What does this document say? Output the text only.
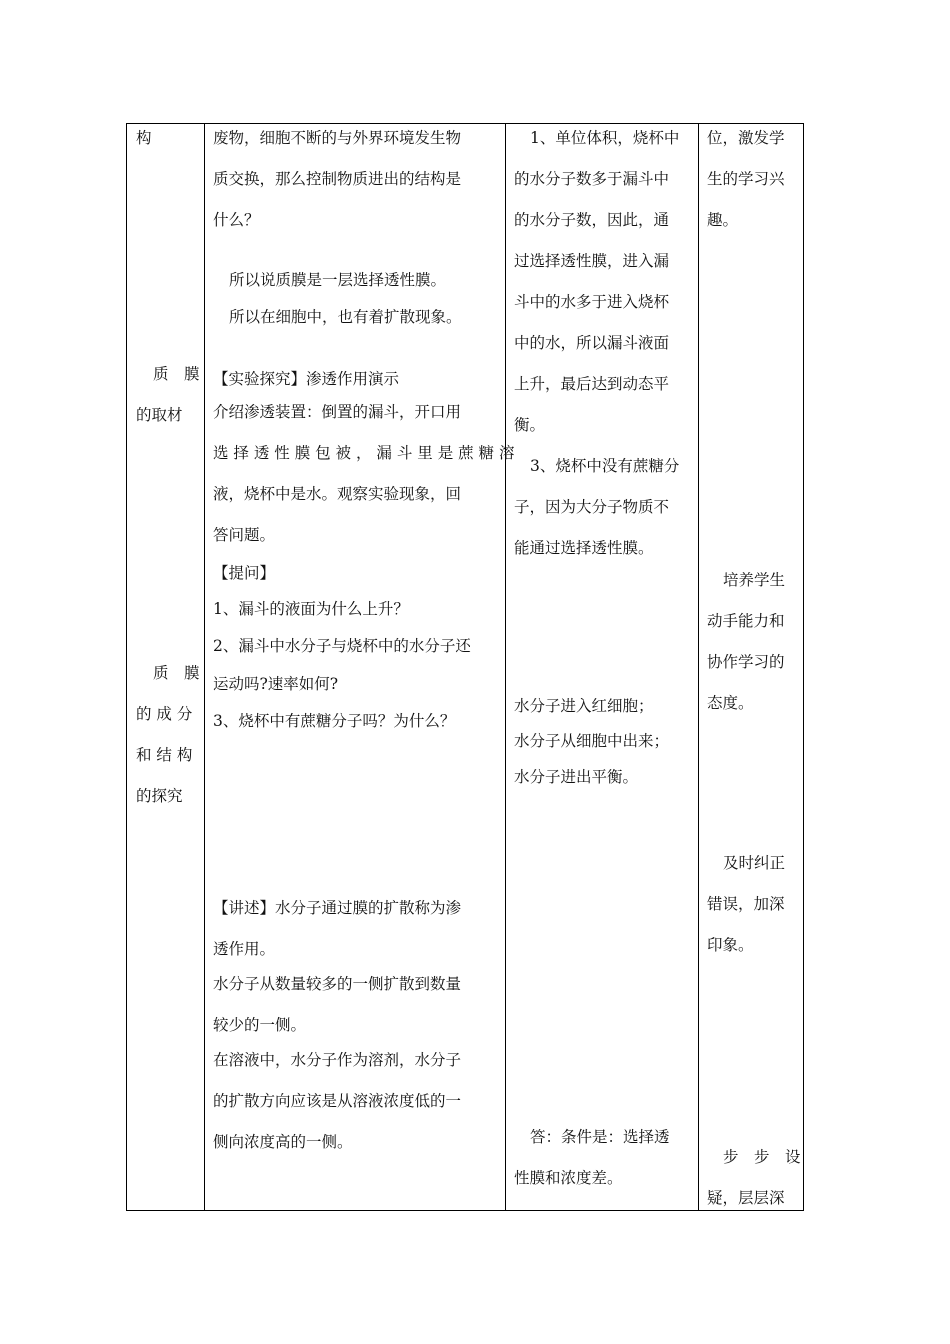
构
质　膜
的取材
质　膜
的 成 分
和 结 构
的探究
废物，细胞不断的与外界环境发生物
质交换，那么控制物质进出的结构是
什么？
所以说质膜是一层选择透性膜。
所以在细胞中，也有着扩散现象。
【实验探究】渗透作用演示
介绍渗透装置：倒置的漏斗，开口用
选 择 透 性 膜 包 被 ， 漏 斗 里 是 蔗 糖 溶
液，烧杯中是水。观察实验现象，回
答问题。
【提问】
1、漏斗的液面为什么上升？
2、漏斗中水分子与烧杯中的水分子还
运动吗?速率如何?
3、烧杯中有蔗糖分子吗？为什么？
【讲述】水分子通过膜的扩散称为渗
透作用。
水分子从数量较多的一侧扩散到数量
较少的一侧。
在溶液中，水分子作为溶剂，水分子
的扩散方向应该是从溶液浓度低的一
侧向浓度高的一侧。
1、单位体积，烧杯中
的水分子数多于漏斗中
的水分子数，因此，通
过选择透性膜，进入漏
斗中的水多于进入烧杯
中的水，所以漏斗液面
上升，最后达到动态平
衡。
3、烧杯中没有蔗糖分
子，因为大分子物质不
能通过选择透性膜。
水分子进入红细胞；
水分子从细胞中出来；
水分子进出平衡。
答：条件是：选择透
性膜和浓度差。
位，激发学
生的学习兴
趣。
培养学生
动手能力和
协作学习的
态度。
及时纠正
错误，加深
印象。
步　步　设
疑，层层深
